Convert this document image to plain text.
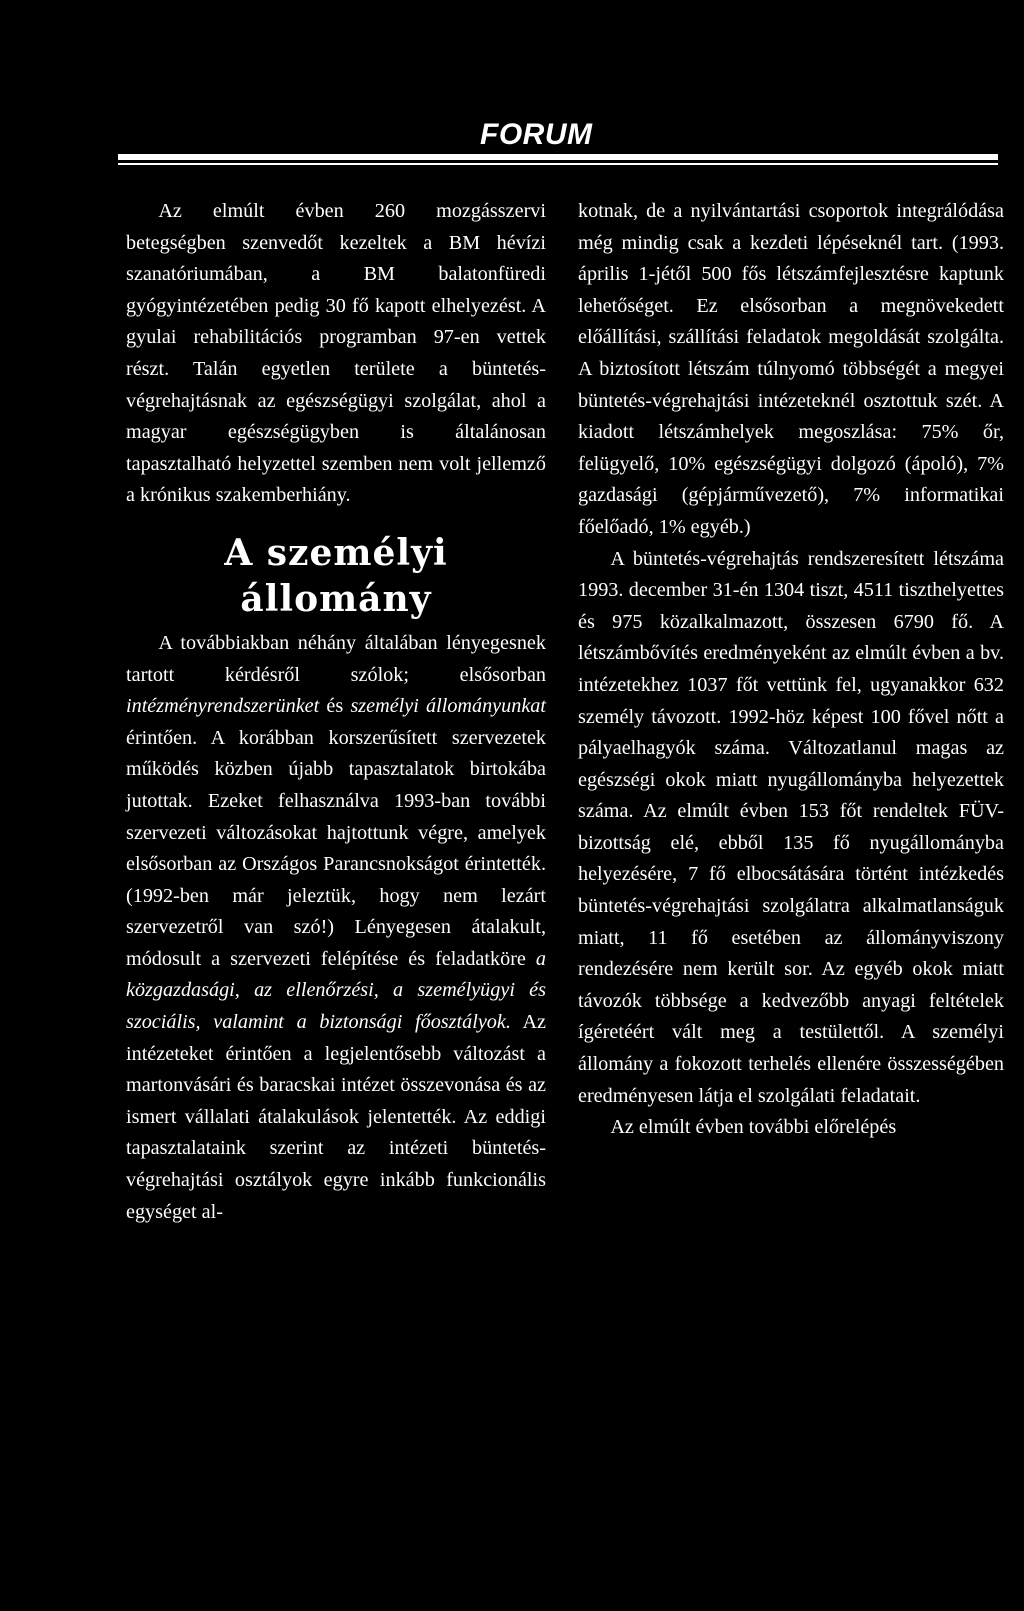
FORUM

Az elmúlt évben 260 mozgásszervi betegségben szenvedőt kezeltek a BM hévízi szanatóriumában, a BM balatonfüredi gyógyintézetében pedig 30 fő kapott elhelyezést. A gyulai rehabilitációs programban 97-en vettek részt. Talán egyetlen területe a büntetés-végrehajtásnak az egészségügyi szolgálat, ahol a magyar egészségügyben is általánosan tapasztalható helyzettel szemben nem volt jellemző a krónikus szakemberhiány.

A személyi
állomány

A továbbiakban néhány általában lényegesnek tartott kérdésről szólok; elsősorban intézményrendszerünket és személyi állományunkat érintően. A korábban korszerűsített szervezetek működés közben újabb tapasztalatok birtokába jutottak. Ezeket felhasználva 1993-ban további szervezeti változásokat hajtottunk végre, amelyek elsősorban az Országos Parancsnokságot érintették. (1992-ben már jeleztük, hogy nem lezárt szervezetről van szó!) Lényegesen átalakult, módosult a szervezeti felépítése és feladatköre a közgazdasági, az ellenőrzési, a személyügyi és szociális, valamint a biztonsági főosztályok. Az intézeteket érintően a legjelentősebb változást a martonvásári és baracskai intézet összevonása és az ismert vállalati átalakulások jelentették. Az eddigi tapasztalataink szerint az intézeti büntetés-végrehajtási osztályok egyre inkább funkcionális egységet al-

kotnak, de a nyilvántartási csoportok integrálódása még mindig csak a kezdeti lépéseknél tart. (1993. április 1-jétől 500 fős létszámfejlesztésre kaptunk lehetőséget. Ez elsősorban a megnövekedett előállítási, szállítási feladatok megoldását szolgálta. A biztosított létszám túlnyomó többségét a megyei büntetés-végrehajtási intézeteknél osztottuk szét. A kiadott létszámhelyek megoszlása: 75% őr, felügyelő, 10% egészségügyi dolgozó (ápoló), 7% gazdasági (gépjárművezető), 7% informatikai főelőadó, 1% egyéb.)

A büntetés-végrehajtás rendszeresített létszáma 1993. december 31-én 1304 tiszt, 4511 tiszthelyettes és 975 közalkalmazott, összesen 6790 fő. A létszámbővítés eredményeként az elmúlt évben a bv. intézetekhez 1037 főt vettünk fel, ugyanakkor 632 személy távozott. 1992-höz képest 100 fővel nőtt a pályaelhagyók száma. Változatlanul magas az egészségi okok miatt nyugállományba helyezettek száma. Az elmúlt évben 153 főt rendeltek FÜV-bizottság elé, ebből 135 fő nyugállományba helyezésére, 7 fő elbocsátására történt intézkedés büntetés-végrehajtási szolgálatra alkalmatlanságuk miatt, 11 fő esetében az állományviszony rendezésére nem került sor. Az egyéb okok miatt távozók többsége a kedvezőbb anyagi feltételek ígéretéért vált meg a testülettől. A személyi állomány a fokozott terhelés ellenére összességében eredményesen látja el szolgálati feladatait.

Az elmúlt évben további előrelépés
